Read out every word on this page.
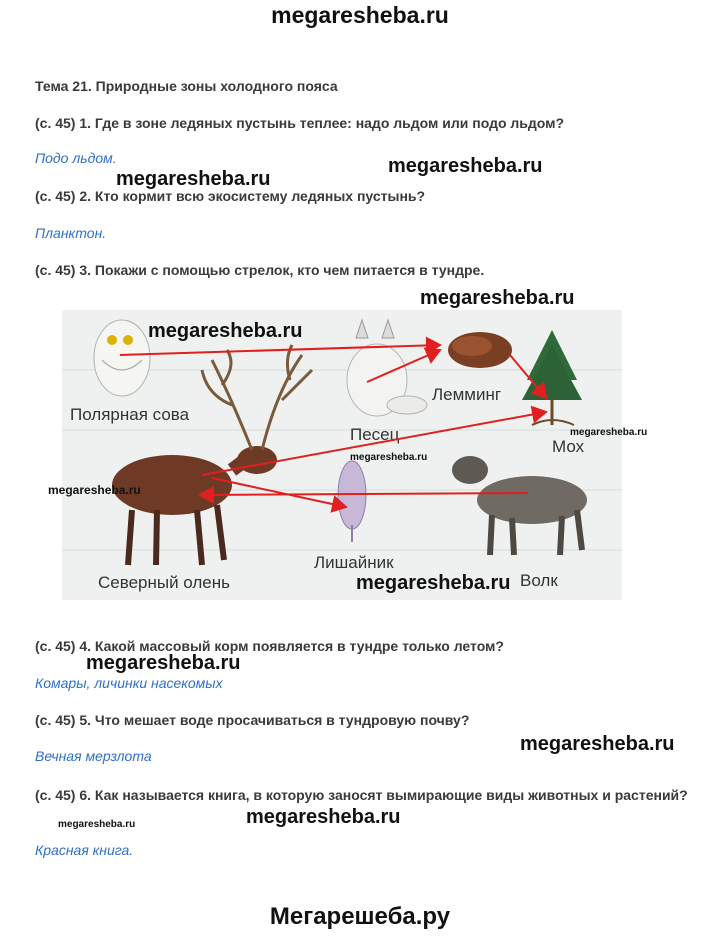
megaresheba.ru
Тема 21. Природные зоны холодного пояса
(с. 45) 1. Где в зоне ледяных пустынь теплее: надо льдом или подо льдом?
Подо льдом.
(с. 45) 2. Кто кормит всю экосистему ледяных пустынь?
Планктон.
(с. 45) 3. Покажи с помощью стрелок, кто чем питается в тундре.
Полярная сова
Песец
Лемминг
Мох
Северный олень
Лишайник
Волк
(с. 45) 4. Какой массовый корм появляется в тундре только летом?
Комары, личинки насекомых
(с. 45) 5. Что мешает воде просачиваться в тундровую почву?
Вечная мерзлота
(с. 45) 6. Как называется книга, в которую заносят вымирающие виды животных и растений?
Красная книга.
megaresheba.ru
megaresheba.ru
megaresheba.ru
megaresheba.ru
megaresheba.ru
megaresheba.ru
megaresheba.ru
megaresheba.ru
megaresheba.ru
megaresheba.ru
megaresheba.ru	megaresheba.ru
Мегарешеба.ру
